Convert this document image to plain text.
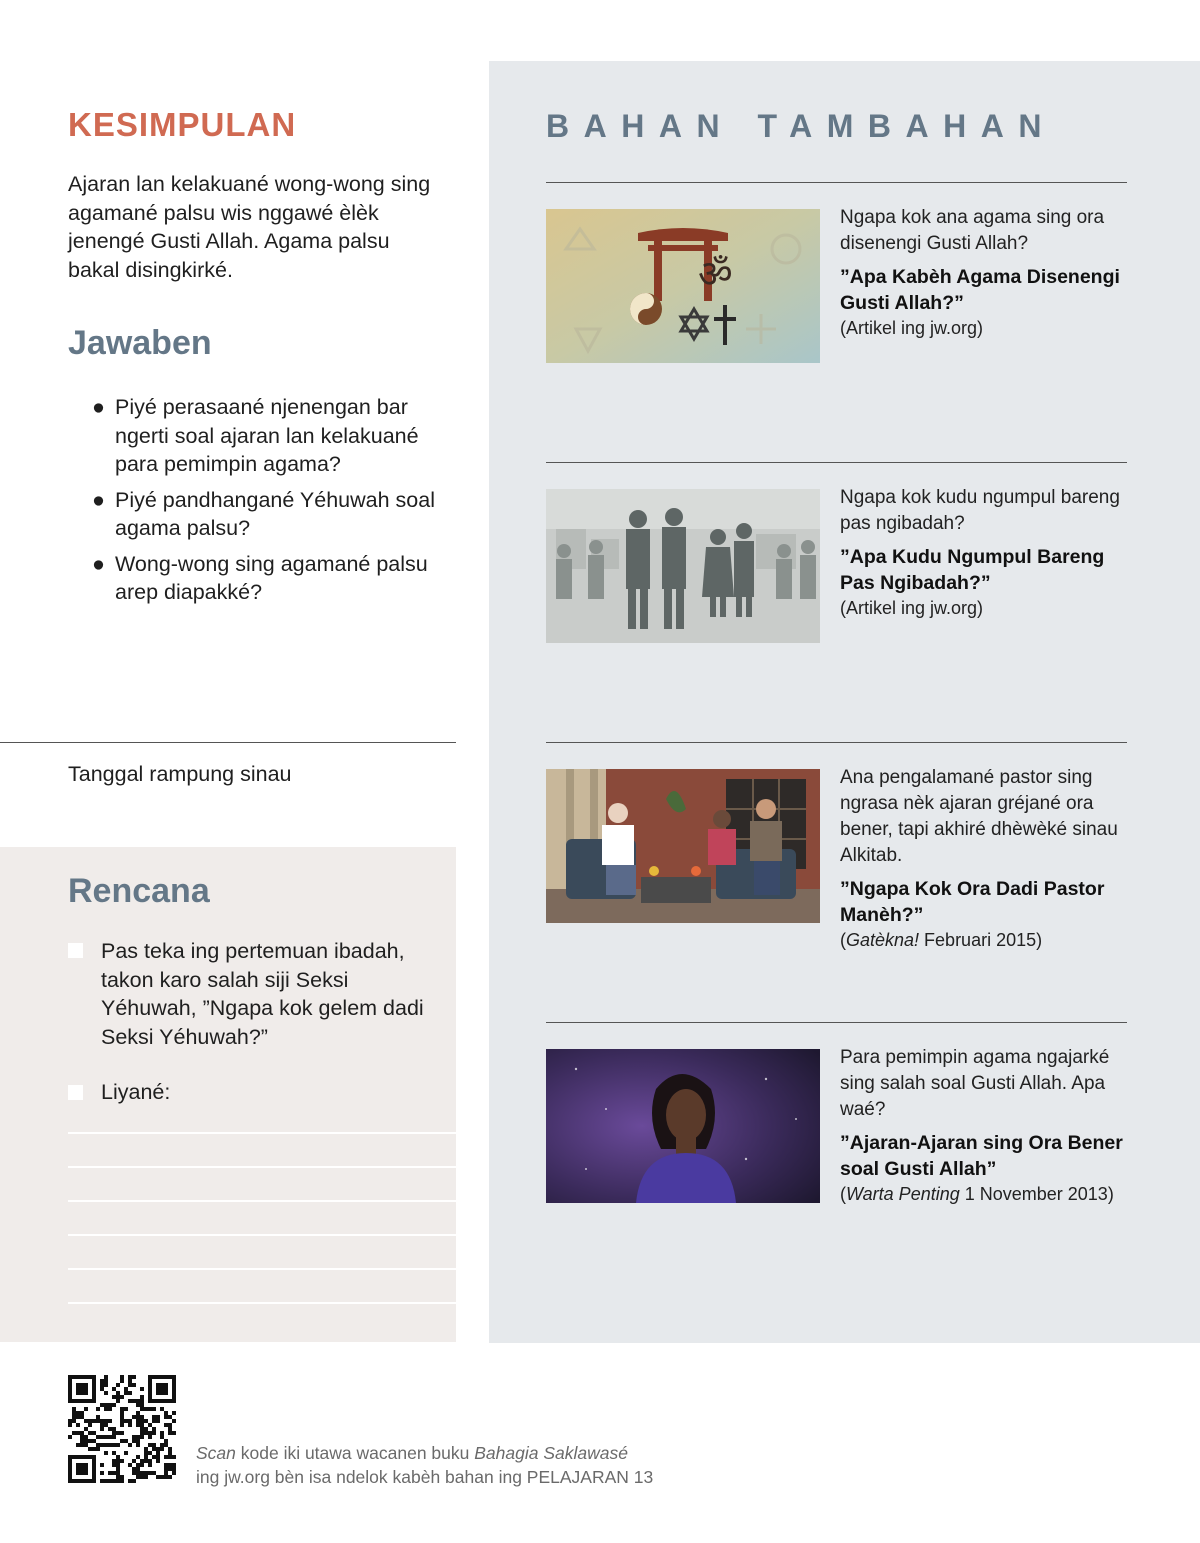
KESIMPULAN
Ajaran lan kelakuané wong-wong sing agamané palsu wis nggawé èlèk jenengé Gusti Allah. Agama palsu bakal disingkirké.
Jawaben
● Piyé perasaané njenengan bar ngerti soal ajaran lan kelakuané para pemimpin agama?
● Piyé pandhangané Yéhuwah soal agama palsu?
● Wong-wong sing agamané palsu arep diapakké?
Tanggal rampung sinau
Rencana
Pas teka ing pertemuan ibadah, takon karo salah siji Seksi Yéhuwah, ”Ngapa kok gelem dadi Seksi Yéhuwah?”
Liyané:
BAHAN TAMBAHAN
ॐ
Ngapa kok ana agama sing ora disenengi Gusti Allah?
”Apa Kabèh Agama Disenengi Gusti Allah?”
(Artikel ing jw.org)
Ngapa kok kudu ngumpul bareng pas ngibadah?
”Apa Kudu Ngumpul Bareng Pas Ngibadah?”
(Artikel ing jw.org)
Ana pengalamané pastor sing ngrasa nèk ajaran gréjané ora bener, tapi akhiré dhèwèké sinau Alkitab.
”Ngapa Kok Ora Dadi Pastor Manèh?”
(Gatèkna! Februari 2015)
Para pemimpin agama ngajarké sing salah soal Gusti Allah. Apa waé?
”Ajaran-Ajaran sing Ora Bener soal Gusti Allah”
(Warta Penting 1 November 2013)
Scan kode iki utawa wacanen buku Bahagia Saklawasé
ing jw.org bèn isa ndelok kabèh bahan ing PELAJARAN 13
